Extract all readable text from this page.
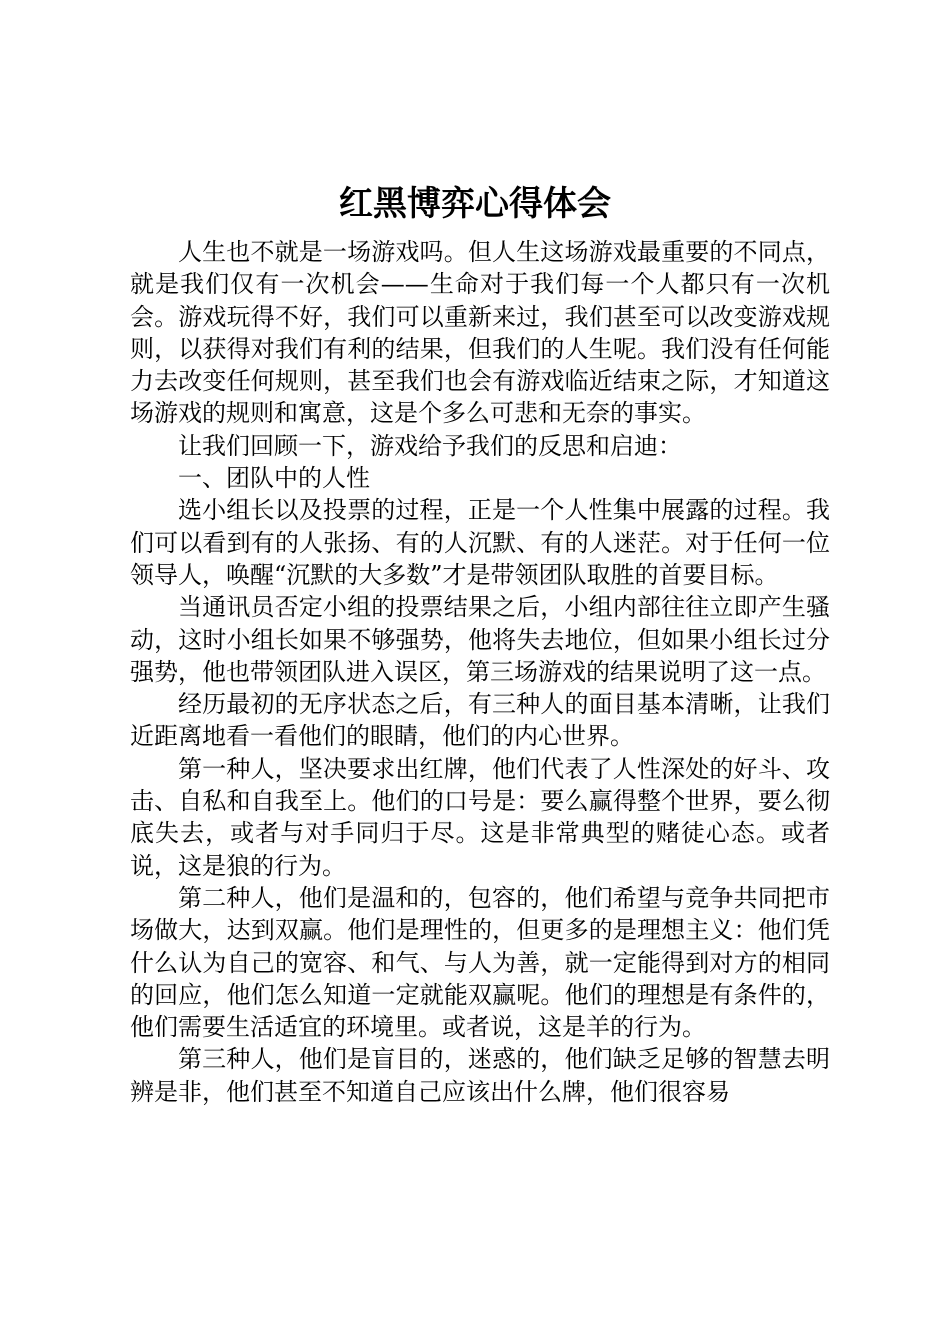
红黑博弈心得体会

人生也不就是一场游戏吗。但人生这场游戏最重要的不同点，就是我们仅有一次机会——生命对于我们每一个人都只有一次机会。游戏玩得不好，我们可以重新来过，我们甚至可以改变游戏规则，以获得对我们有利的结果，但我们的人生呢。我们没有任何能力去改变任何规则，甚至我们也会有游戏临近结束之际，才知道这场游戏的规则和寓意，这是个多么可悲和无奈的事实。

让我们回顾一下，游戏给予我们的反思和启迪：

一、团队中的人性

选小组长以及投票的过程，正是一个人性集中展露的过程。我们可以看到有的人张扬、有的人沉默、有的人迷茫。对于任何一位领导人，唤醒“沉默的大多数”才是带领团队取胜的首要目标。

当通讯员否定小组的投票结果之后，小组内部往往立即产生骚动，这时小组长如果不够强势，他将失去地位，但如果小组长过分强势，他也带领团队进入误区，第三场游戏的结果说明了这一点。

经历最初的无序状态之后，有三种人的面目基本清晰，让我们近距离地看一看他们的眼睛，他们的内心世界。

第一种人，坚决要求出红牌，他们代表了人性深处的好斗、攻击、自私和自我至上。他们的口号是：要么赢得整个世界，要么彻底失去，或者与对手同归于尽。这是非常典型的赌徒心态。或者说，这是狼的行为。

第二种人，他们是温和的，包容的，他们希望与竞争共同把市场做大，达到双赢。他们是理性的，但更多的是理想主义：他们凭什么认为自己的宽容、和气、与人为善，就一定能得到对方的相同的回应，他们怎么知道一定就能双赢呢。他们的理想是有条件的，他们需要生活适宜的环境里。或者说，这是羊的行为。

第三种人，他们是盲目的，迷惑的，他们缺乏足够的智慧去明辨是非，他们甚至不知道自己应该出什么牌，他们很容易
